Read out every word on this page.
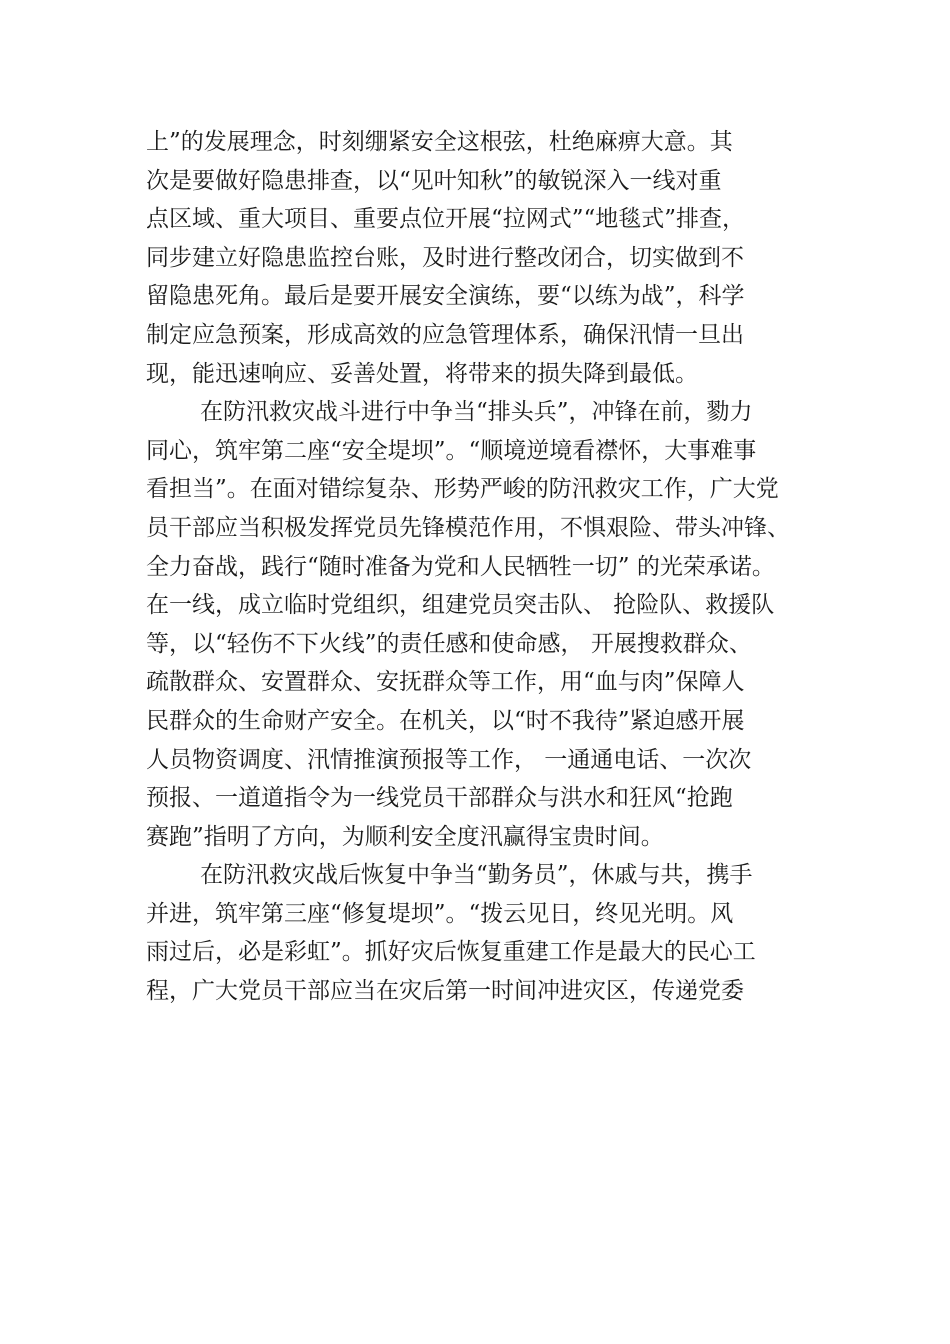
上”的发展理念，时刻绷紧安全这根弦，杜绝麻痹大意。其
次是要做好隐患排查，以“见叶知秋”的敏锐深入一线对重
点区域、重大项目、重要点位开展“拉网式”“地毯式”排查，
同步建立好隐患监控台账，及时进行整改闭合，切实做到不
留隐患死角。最后是要开展安全演练，要“以练为战”，科学
制定应急预案，形成高效的应急管理体系，确保汛情一旦出
现，能迅速响应、妥善处置，将带来的损失降到最低。
在防汛救灾战斗进行中争当“排头兵”，冲锋在前，勠力
同心，筑牢第二座“安全堤坝”。“顺境逆境看襟怀，大事难事
看担当”。在面对错综复杂、形势严峻的防汛救灾工作，广大党
员干部应当积极发挥党员先锋模范作用，不惧艰险、带头冲锋、
全力奋战，践行“随时准备为党和人民牺牲一切” 的光荣承诺。
在一线，成立临时党组织，组建党员突击队、 抢险队、救援队
等，以“轻伤不下火线”的责任感和使命感， 开展搜救群众、
疏散群众、安置群众、安抚群众等工作，用“血与肉”保障人
民群众的生命财产安全。在机关，以“时不我待”紧迫感开展
人员物资调度、汛情推演预报等工作， 一通通电话、一次次
预报、一道道指令为一线党员干部群众与洪水和狂风“抢跑
赛跑”指明了方向，为顺利安全度汛赢得宝贵时间。
在防汛救灾战后恢复中争当“勤务员”，休戚与共，携手
并进，筑牢第三座“修复堤坝”。“拨云见日，终见光明。风
雨过后，必是彩虹”。抓好灾后恢复重建工作是最大的民心工
程，广大党员干部应当在灾后第一时间冲进灾区，传递党委
